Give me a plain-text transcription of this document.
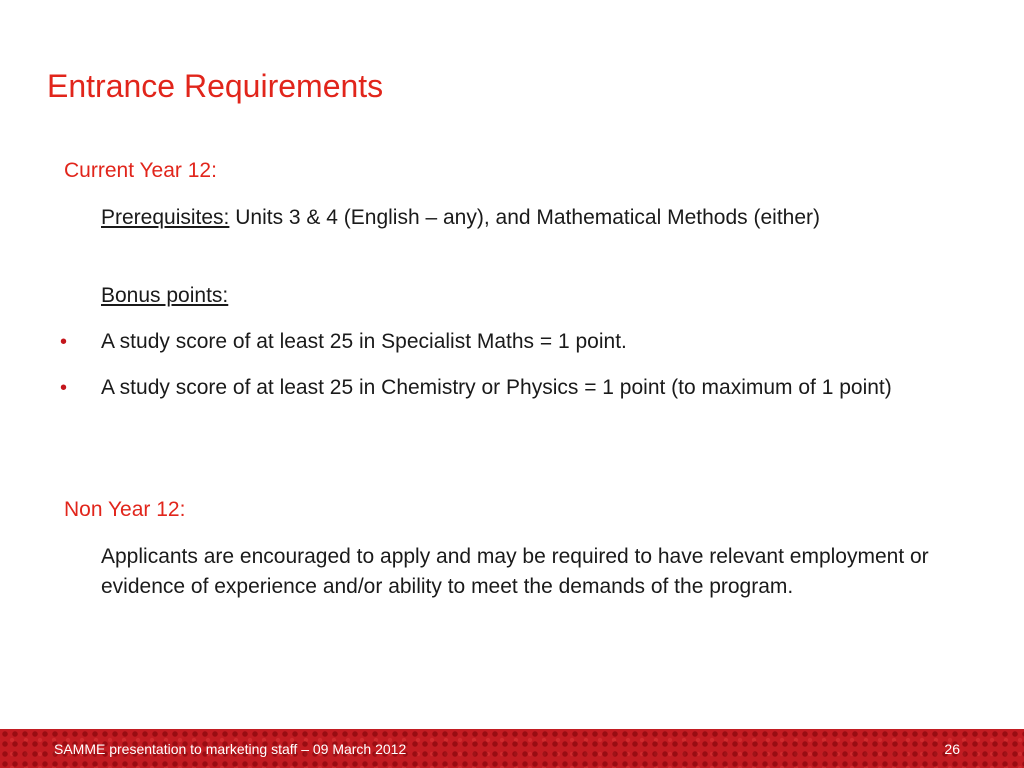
Entrance Requirements

Current Year 12:

Prerequisites: Units 3 & 4 (English – any), and Mathematical Methods (either)

Bonus points:

•	A study score of at least 25 in Specialist Maths = 1 point.

•	A study score of at least 25 in Chemistry or Physics = 1 point (to maximum of 1 point)

Non Year 12:

Applicants are encouraged to apply and may be required to have relevant employment or evidence of experience and/or ability to meet the demands of the program.

SAMME presentation to marketing staff – 09 March 2012	26
